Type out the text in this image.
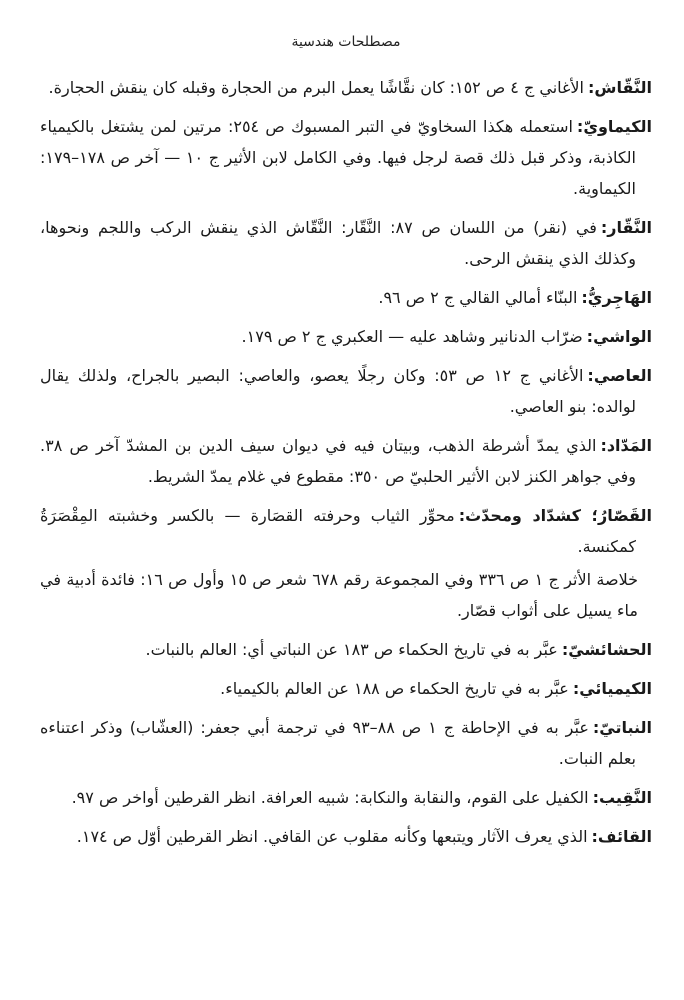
مصطلحات هندسية

النَّقّاش:الأغاني ج ٤ ص ١٥٢: كان نقَّاشًا يعمل البرم من الحجارة وقبله كان ينقش الحجارة.

الكيماويّ:استعمله هكذا السخاويّ في التبر المسبوك ص ٢٥٤: مرتين لمن يشتغل بالكيمياء الكاذبة، وذكر قبل ذلك قصة لرجل فيها. وفي الكامل لابن الأثير ج ١٠ — آخر ص ١٧٨–١٧٩: الكيماوية.

النَّقّار:في (نقر) من اللسان ص ٨٧: النَّقّار: النَّقّاش الذي ينقش الركب واللجم ونحوها، وكذلك الذي ينقش الرحى.

الهَاجِريُّ:البنّاء أمالي القالي ج ٢ ص ٩٦.

الواشي:ضرّاب الدنانير وشاهد عليه — العكبري ج ٢ ص ١٧٩.

العاصي:الأغاني ج ١٢ ص ٥٣: وكان رجلًا يعصو، والعاصي: البصير بالجراح، ولذلك يقال لوالده: بنو العاصي.

المَدّاد:الذي يمدّ أشرطة الذهب، وبيتان فيه في ديوان سيف الدين بن المشدّ آخر ص ٣٨. وفي جواهر الكنز لابن الأثير الحلبيّ ص ٣٥٠: مقطوع في غلام يمدّ الشريط.

القَصّارُ؛ كشدّاد ومحدّث:محوِّر الثياب وحرفته القصَارة — بالكسر وخشبته المِقْصَرَةُ كمكنسة.

خلاصة الأثر ج ١ ص ٣٣٦ وفي المجموعة رقم ٦٧٨ شعر ص ١٥ وأول ص ١٦: فائدة أدبية في ماء يسيل على أثواب قصّار.

الحشائشيّ:عبَّر به في تاريخ الحكماء ص ١٨٣ عن النباتي أي: العالم بالنبات.

الكيميائي:عبَّر به في تاريخ الحكماء ص ١٨٨ عن العالم بالكيمياء.

النباتيّ:عبَّر به في الإحاطة ج ١ ص ٨٨–٩٣ في ترجمة أبي جعفر: (العشّاب) وذكر اعتناءه بعلم النبات.

النَّقِيب:الكفيل على القوم، والنقابة والنكابة: شبيه العرافة. انظر القرطين أواخر ص ٩٧.

القائف:الذي يعرف الآثار ويتبعها وكأنه مقلوب عن القافي. انظر القرطين أوّل ص ١٧٤.
